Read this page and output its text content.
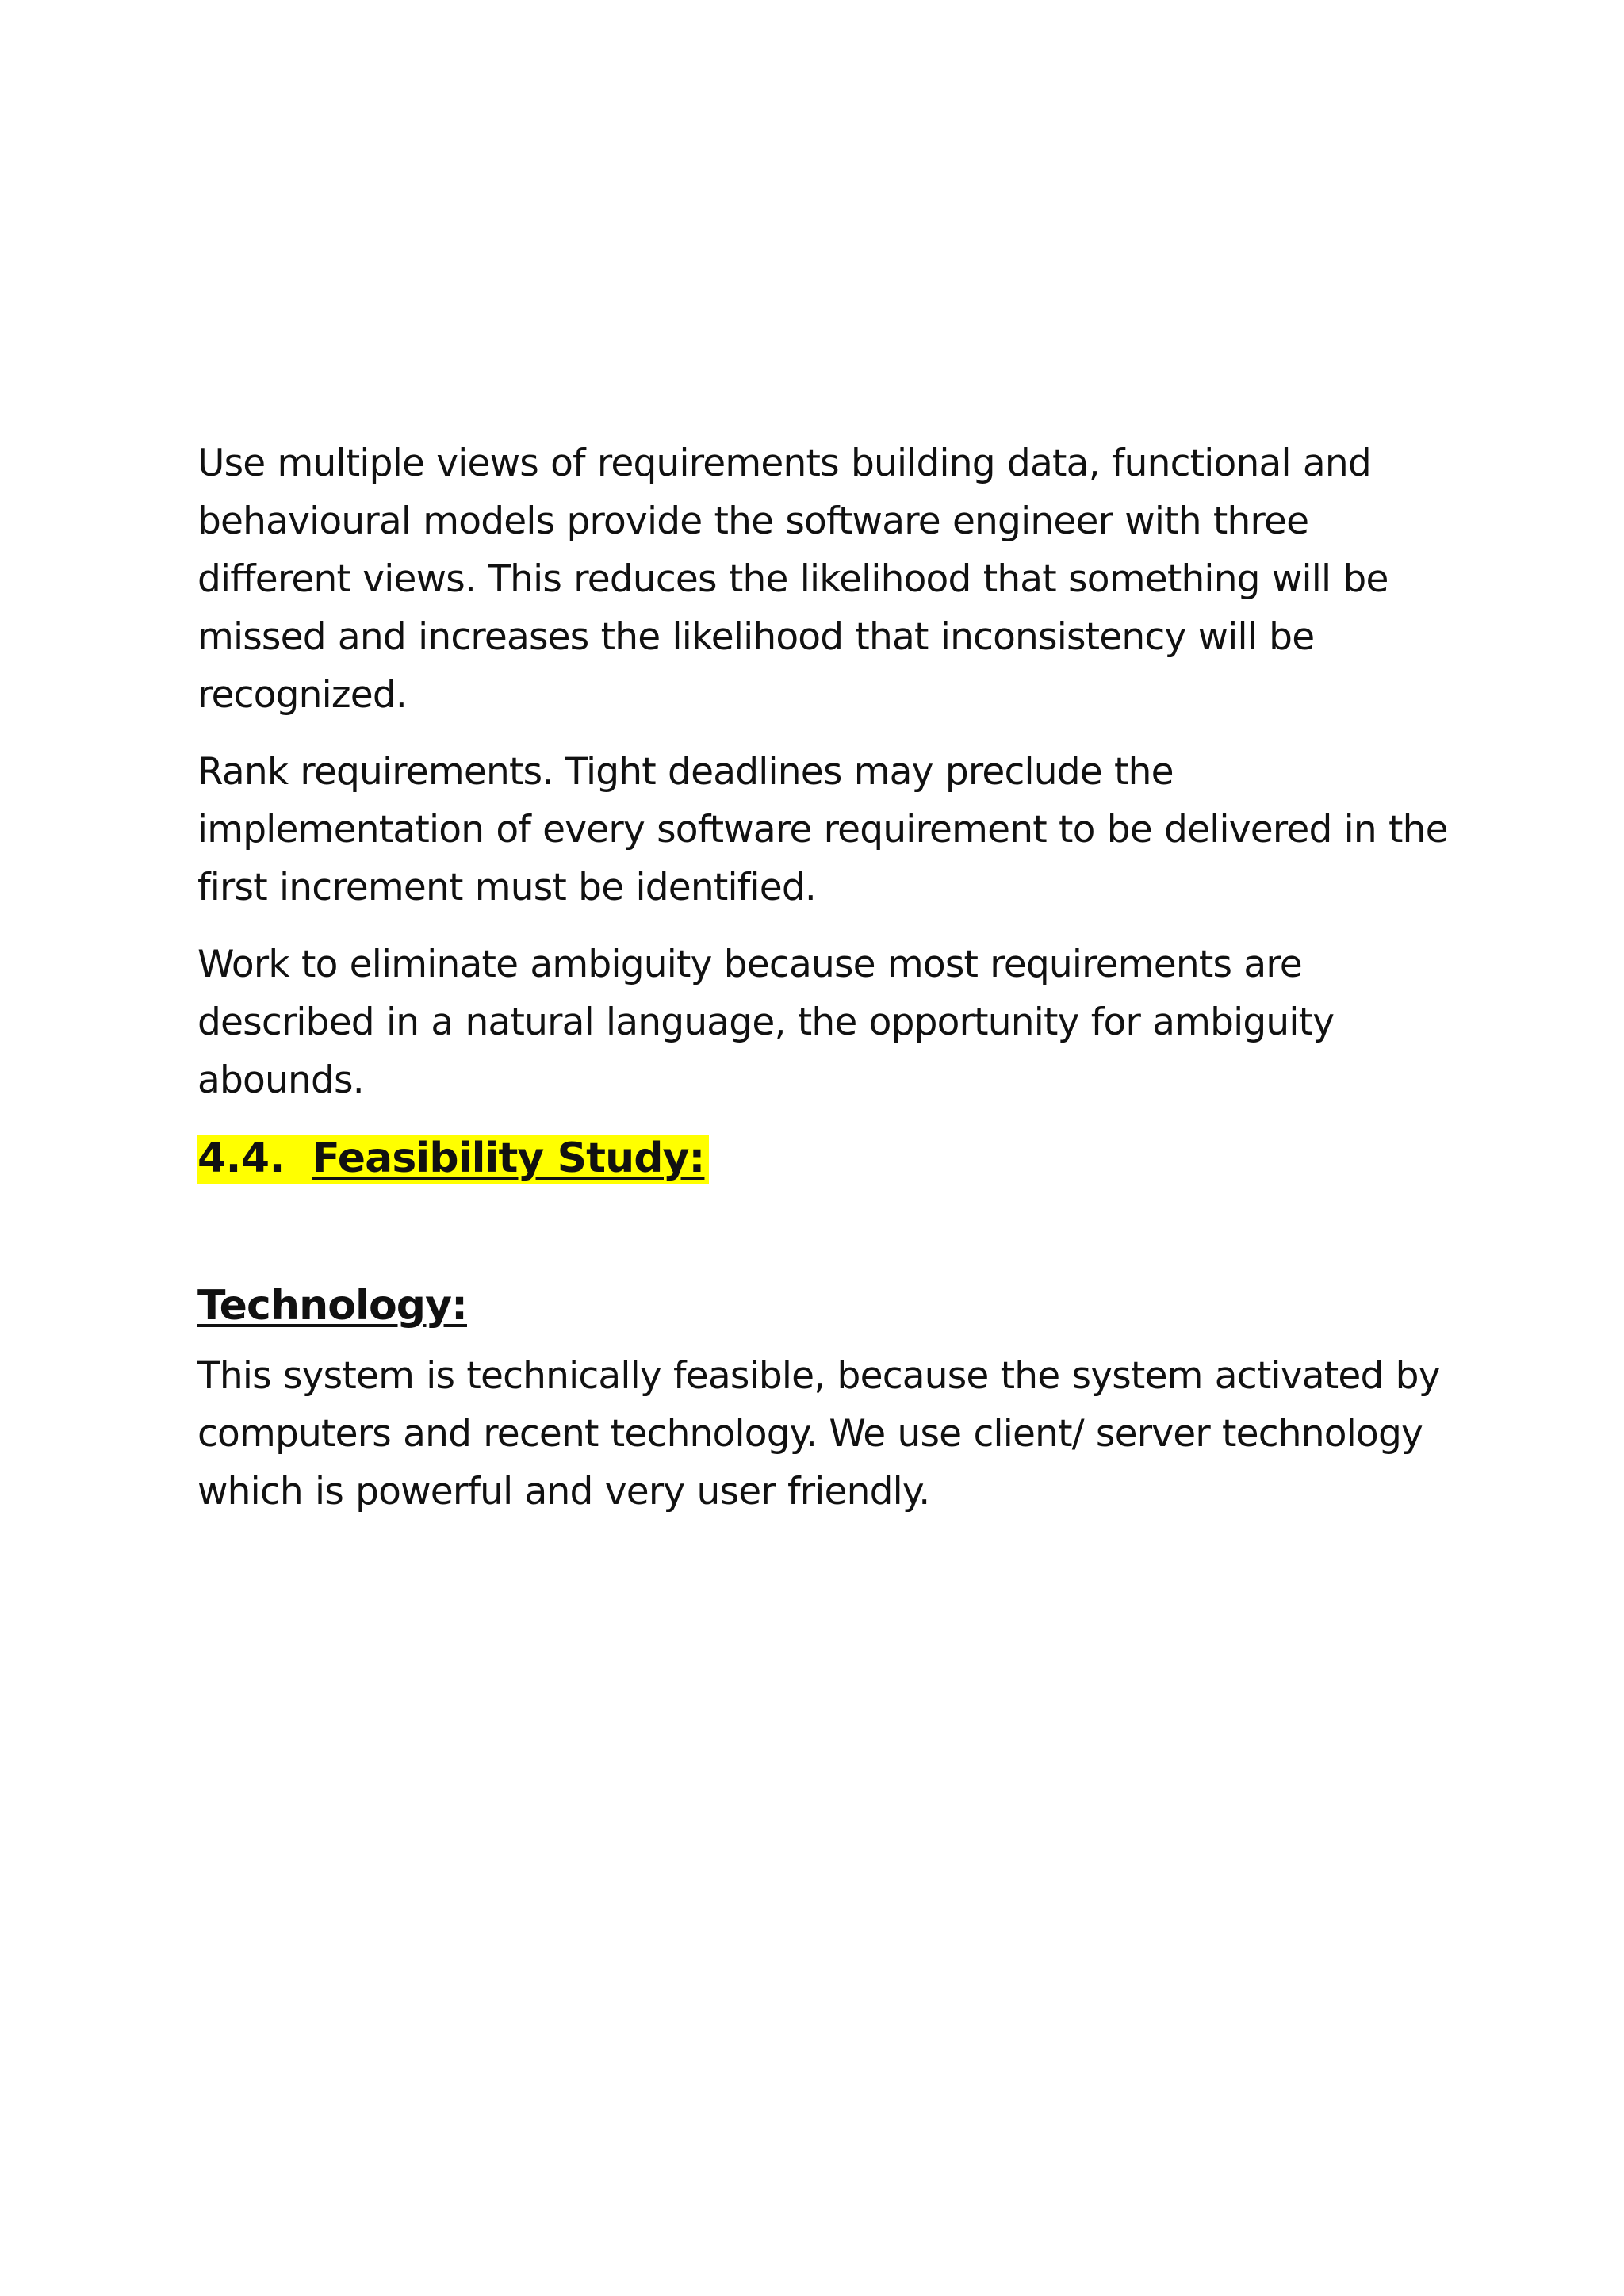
Use multiple views of requirements building data, functional and behavioural models provide the software engineer with three different views. This reduces the likelihood that something will be missed and increases the likelihood that inconsistency will be recognized.

Rank requirements. Tight deadlines may preclude the implementation of every software requirement to be delivered in the first increment must be identified.

Work to eliminate ambiguity because most requirements are described in a natural language, the opportunity for ambiguity abounds.

4.4. Feasibility Study:
Technology:

This system is technically feasible, because the system activated by computers and recent technology. We use client/ server technology which is powerful and very user friendly.
